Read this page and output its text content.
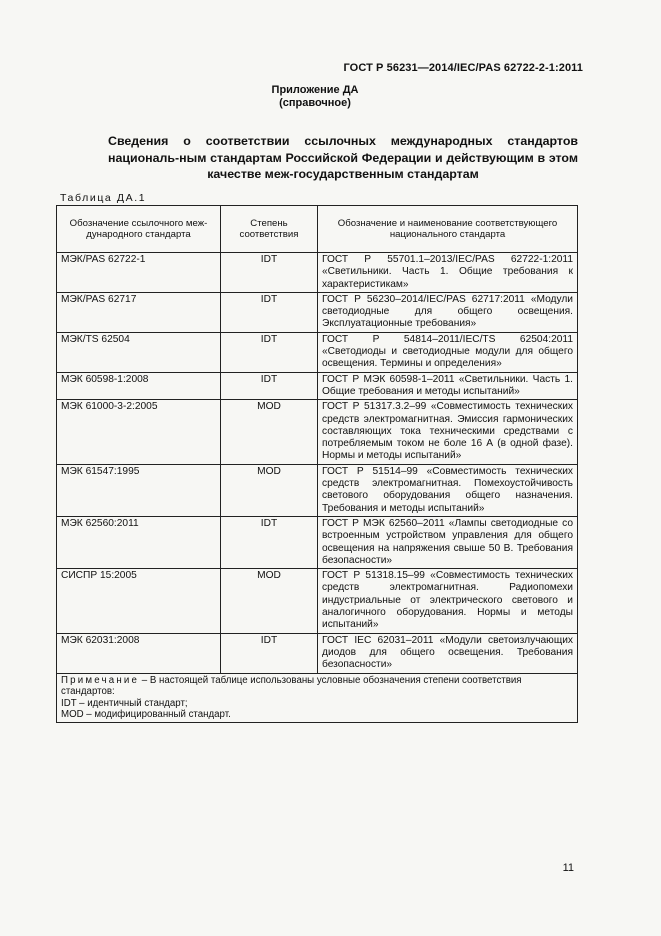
ГОСТ Р 56231—2014/IEC/PAS 62722-2-1:2011
Приложение ДА
(справочное)
Сведения о соответствии ссылочных международных стандартов националь-ным стандартам Российской Федерации и действующим в этом качестве меж-государственным стандартам
Таблица ДА.1
Обозначение ссылочного меж-дународного стандарта	Степень соответствия	Обозначение и наименование соответствующего национального стандарта
МЭК/PAS 62722-1	IDT	ГОСТ Р 55701.1–2013/IEC/PAS 62722-1:2011 «Светильники. Часть 1. Общие требования к характеристикам»
МЭК/PAS 62717	IDT	ГОСТ Р 56230–2014/IEC/PAS 62717:2011 «Модули светодиодные для общего освещения. Эксплуатационные требования»
МЭК/TS 62504	IDT	ГОСТ Р 54814–2011/IEC/TS 62504:2011 «Светодиоды и светодиодные модули для общего освещения. Термины и определения»
МЭК 60598-1:2008	IDT	ГОСТ Р МЭК 60598-1–2011 «Светильники. Часть 1. Общие требования и методы испытаний»
МЭК 61000-3-2:2005	MOD	ГОСТ Р 51317.3.2–99 «Совместимость технических средств электромагнитная. Эмиссия гармонических составляющих тока техническими средствами с потребляемым током не боле 16 А (в одной фазе). Нормы и методы испытаний»
МЭК 61547:1995	MOD	ГОСТ Р 51514–99 «Совместимость технических средств электромагнитная. Помехоустойчивость светового оборудования общего назначения. Требования и методы испытаний»
МЭК 62560:2011	IDT	ГОСТ Р МЭК 62560–2011 «Лампы светодиодные со встроенным устройством управления для общего освещения на напряжения свыше 50 В. Требования безопасности»
СИСПР 15:2005	MOD	ГОСТ Р 51318.15–99 «Совместимость технических средств электромагнитная. Радиопомехи индустриальные от электрического светового и аналогичного оборудования. Нормы и методы испытаний»
МЭК 62031:2008	IDT	ГОСТ IEC 62031–2011 «Модули светоизлучающих диодов для общего освещения. Требования безопасности»

Примечание – В настоящей таблице использованы условные обозначения степени соответствия стандартов:
IDT – идентичный стандарт;
MOD – модифицированный стандарт.		
11
